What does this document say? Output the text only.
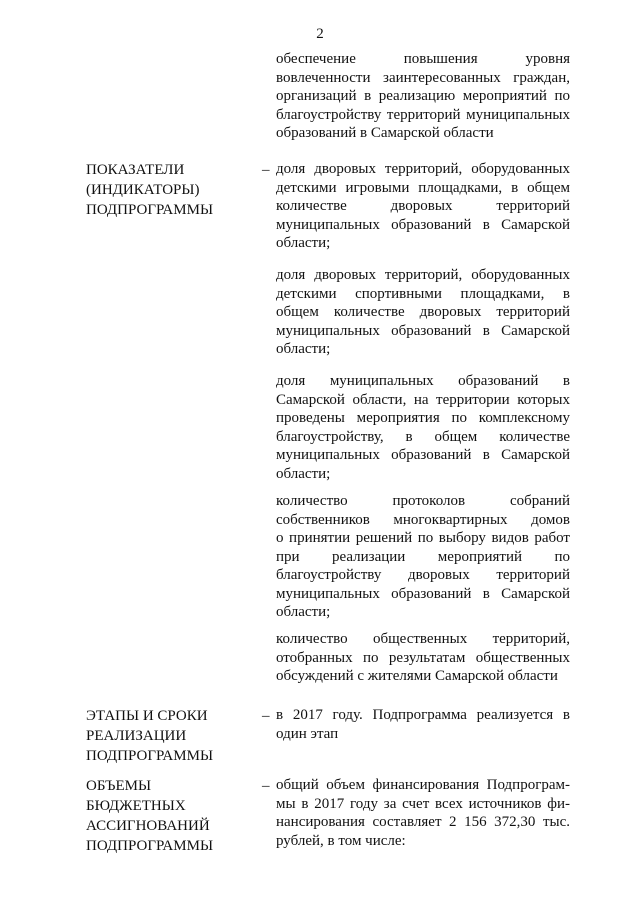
2
обеспечение повышения уровня
вовлеченности заинтересованных граждан,
организаций в реализацию мероприятий по
благоустройству территорий муниципальных
образований в Самарской области
ПОКАЗАТЕЛИ
(ИНДИКАТОРЫ)
ПОДПРОГРАММЫ
– доля дворовых территорий, оборудованных
детскими игровыми площадками, в общем
количестве дворовых территорий
муниципальных образований в Самарской
области;
доля дворовых территорий, оборудованных
детскими спортивными площадками, в
общем количестве дворовых территорий
муниципальных образований в Самарской
области;
доля муниципальных образований в
Самарской области, на территории которых
проведены мероприятия по комплексному
благоустройству, в общем количестве
муниципальных образований в Самарской
области;
количество протоколов собраний
собственников многоквартирных домов
о принятии решений по выбору видов работ
при реализации мероприятий по
благоустройству дворовых территорий
муниципальных образований в Самарской
области;
количество общественных территорий,
отобранных по результатам общественных
обсуждений с жителями Самарской области
ЭТАПЫ И СРОКИ
РЕАЛИЗАЦИИ
ПОДПРОГРАММЫ
– в 2017 году. Подпрограмма реализуется в
один этап
ОБЪЕМЫ
БЮДЖЕТНЫХ
АССИГНОВАНИЙ
ПОДПРОГРАММЫ
– общий объем финансирования Подпрограм-
мы в 2017 году за счет всех источников фи-
нансирования составляет 2 156 372,30 тыс.
рублей, в том числе:
